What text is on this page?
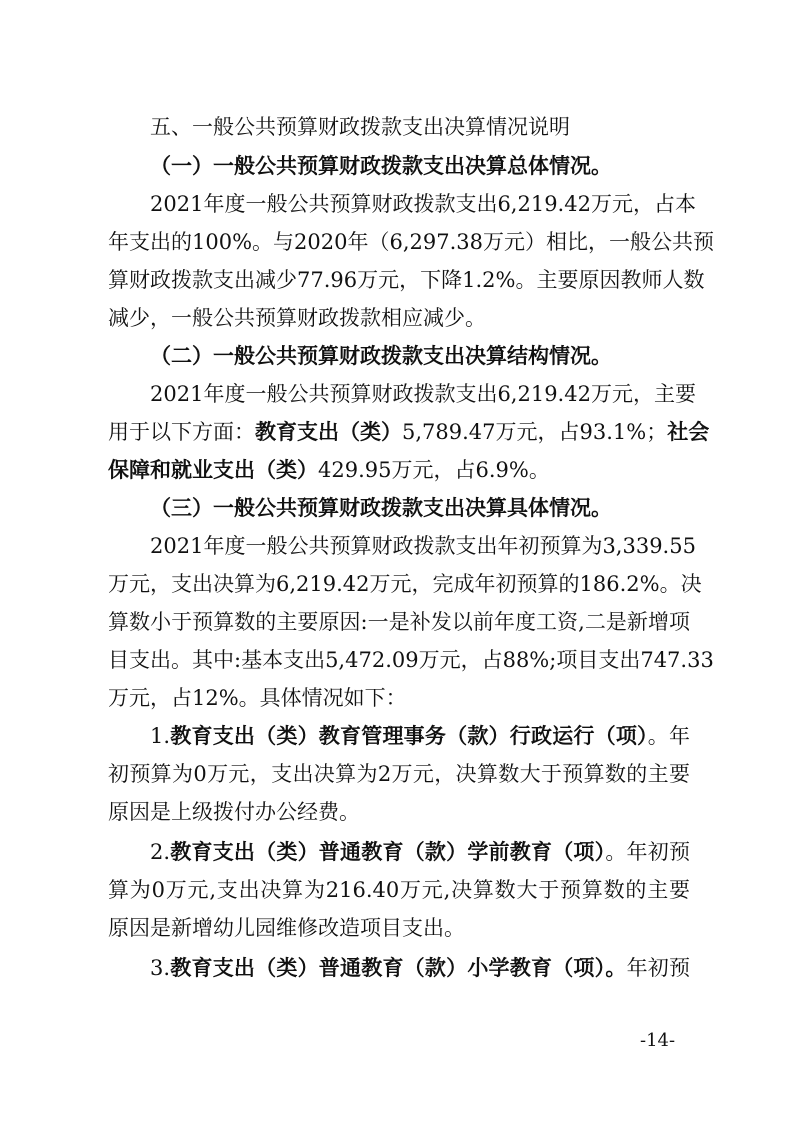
五、一般公共预算财政拨款支出决算情况说明
（一）一般公共预算财政拨款支出决算总体情况。
2021年度一般公共预算财政拨款支出6,219.42万元，占本
年支出的100%。与2020年（6,297.38万元）相比，一般公共预
算财政拨款支出减少77.96万元，下降1.2%。主要原因教师人数
减少，一般公共预算财政拨款相应减少。
（二）一般公共预算财政拨款支出决算结构情况。
2021年度一般公共预算财政拨款支出6,219.42万元，主要
用于以下方面：教育支出（类）5,789.47万元，占93.1%；社会
保障和就业支出（类）429.95万元，占6.9%。
（三）一般公共预算财政拨款支出决算具体情况。
2021年度一般公共预算财政拨款支出年初预算为3,339.55
万元，支出决算为6,219.42万元，完成年初预算的186.2%。决
算数小于预算数的主要原因:一是补发以前年度工资,二是新增项
目支出。其中:基本支出5,472.09万元，占88%;项目支出747.33
万元，占12%。具体情况如下：
1.教育支出（类）教育管理事务（款）行政运行（项）。年
初预算为0万元，支出决算为2万元，决算数大于预算数的主要
原因是上级拨付办公经费。
2.教育支出（类）普通教育（款）学前教育（项）。年初预
算为0万元,支出决算为216.40万元,决算数大于预算数的主要
原因是新增幼儿园维修改造项目支出。
3.教育支出（类）普通教育（款）小学教育（项）。年初预
-14-
